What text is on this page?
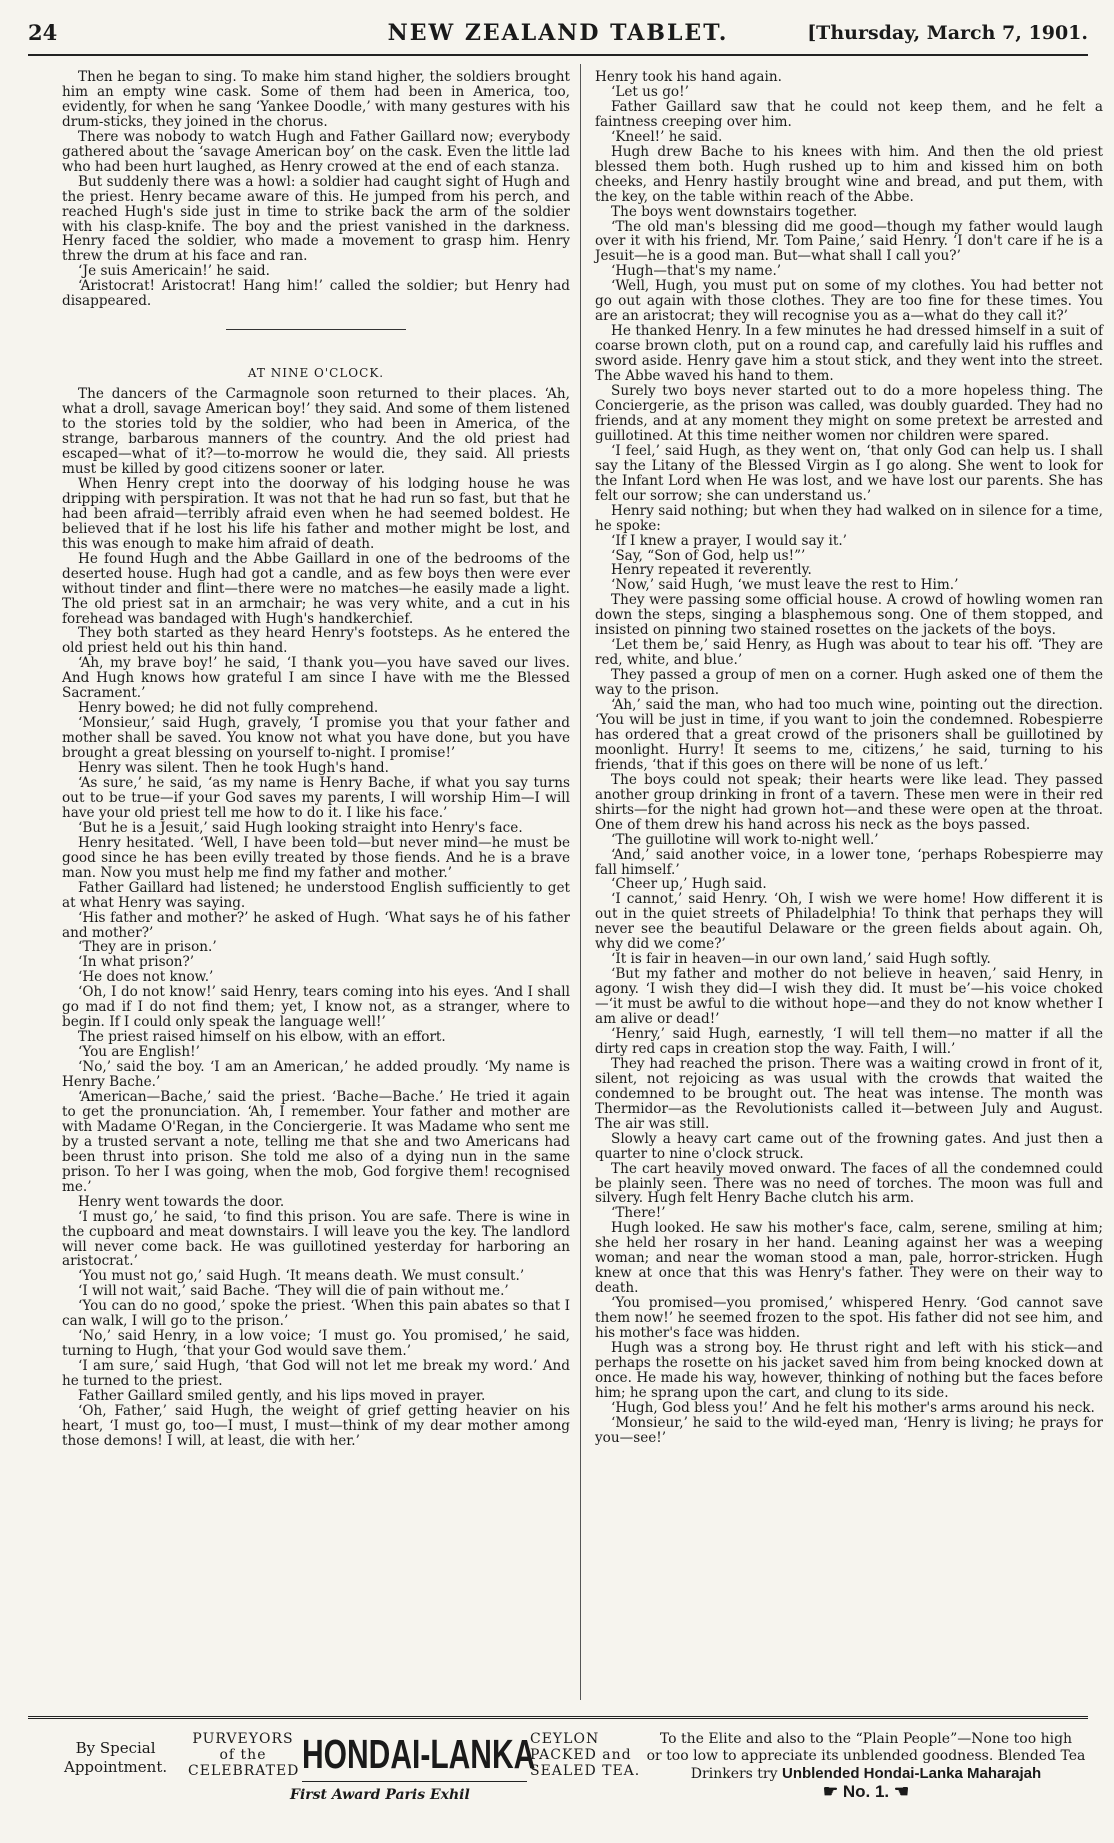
24	NEW ZEALAND TABLET.	[Thursday, March 7, 1901.

Then he began to sing. To make him stand higher, the soldiers brought him an empty wine cask. Some of them had been in America, too, evidently, for when he sang ‘Yankee Doodle,’ with many gestures with his drum-sticks, they joined in the chorus.

There was nobody to watch Hugh and Father Gaillard now; everybody gathered about the ‘savage American boy’ on the cask. Even the little lad who had been hurt laughed, as Henry crowed at the end of each stanza.

But suddenly there was a howl: a soldier had caught sight of Hugh and the priest. Henry became aware of this. He jumped from his perch, and reached Hugh's side just in time to strike back the arm of the soldier with his clasp-knife. The boy and the priest vanished in the darkness. Henry faced the soldier, who made a movement to grasp him. Henry threw the drum at his face and ran.

‘Je suis Americain!’ he said.

‘Aristocrat! Aristocrat! Hang him!’ called the soldier; but Henry had disappeared.

AT NINE O'CLOCK.

The dancers of the Carmagnole soon returned to their places. ‘Ah, what a droll, savage American boy!’ they said. And some of them listened to the stories told by the soldier, who had been in America, of the strange, barbarous manners of the country. And the old priest had escaped—what of it?—to-morrow he would die, they said. All priests must be killed by good citizens sooner or later.

When Henry crept into the doorway of his lodging house he was dripping with perspiration. It was not that he had run so fast, but that he had been afraid—terribly afraid even when he had seemed boldest. He believed that if he lost his life his father and mother might be lost, and this was enough to make him afraid of death.

He found Hugh and the Abbe Gaillard in one of the bedrooms of the deserted house. Hugh had got a candle, and as few boys then were ever without tinder and flint—there were no matches—he easily made a light. The old priest sat in an armchair; he was very white, and a cut in his forehead was bandaged with Hugh's handkerchief.

They both started as they heard Henry's footsteps. As he entered the old priest held out his thin hand.

‘Ah, my brave boy!’ he said, ‘I thank you—you have saved our lives. And Hugh knows how grateful I am since I have with me the Blessed Sacrament.’

Henry bowed; he did not fully comprehend.

‘Monsieur,’ said Hugh, gravely, ‘I promise you that your father and mother shall be saved. You know not what you have done, but you have brought a great blessing on yourself to-night. I promise!’

Henry was silent. Then he took Hugh's hand.

‘As sure,’ he said, ‘as my name is Henry Bache, if what you say turns out to be true—if your God saves my parents, I will worship Him—I will have your old priest tell me how to do it. I like his face.’

‘But he is a Jesuit,’ said Hugh looking straight into Henry's face.

Henry hesitated. ‘Well, I have been told—but never mind—he must be good since he has been evilly treated by those fiends. And he is a brave man. Now you must help me find my father and mother.’

Father Gaillard had listened; he understood English sufficiently to get at what Henry was saying.

‘His father and mother?’ he asked of Hugh. ‘What says he of his father and mother?’

‘They are in prison.’

‘In what prison?’

‘He does not know.’

‘Oh, I do not know!’ said Henry, tears coming into his eyes. ‘And I shall go mad if I do not find them; yet, I know not, as a stranger, where to begin. If I could only speak the language well!’

The priest raised himself on his elbow, with an effort.

‘You are English!’

‘No,’ said the boy. ‘I am an American,’ he added proudly. ‘My name is Henry Bache.’

‘American—Bache,’ said the priest. ‘Bache—Bache.’ He tried it again to get the pronunciation. ‘Ah, I remember. Your father and mother are with Madame O'Regan, in the Conciergerie. It was Madame who sent me by a trusted servant a note, telling me that she and two Americans had been thrust into prison. She told me also of a dying nun in the same prison. To her I was going, when the mob, God forgive them! recognised me.’

Henry went towards the door.

‘I must go,’ he said, ‘to find this prison. You are safe. There is wine in the cupboard and meat downstairs. I will leave you the key. The landlord will never come back. He was guillotined yesterday for harboring an aristocrat.’

‘You must not go,’ said Hugh. ‘It means death. We must consult.’

‘I will not wait,’ said Bache. ‘They will die of pain without me.’

‘You can do no good,’ spoke the priest. ‘When this pain abates so that I can walk, I will go to the prison.’

‘No,’ said Henry, in a low voice; ‘I must go. You promised,’ he said, turning to Hugh, ‘that your God would save them.’

‘I am sure,’ said Hugh, ‘that God will not let me break my word.’ And he turned to the priest.

Father Gaillard smiled gently, and his lips moved in prayer.

‘Oh, Father,’ said Hugh, the weight of grief getting heavier on his heart, ‘I must go, too—I must, I must—think of my dear mother among those demons! I will, at least, die with her.’

Henry took his hand again.

‘Let us go!’

Father Gaillard saw that he could not keep them, and he felt a faintness creeping over him.

‘Kneel!’ he said.

Hugh drew Bache to his knees with him. And then the old priest blessed them both. Hugh rushed up to him and kissed him on both cheeks, and Henry hastily brought wine and bread, and put them, with the key, on the table within reach of the Abbe.

The boys went downstairs together.

‘The old man's blessing did me good—though my father would laugh over it with his friend, Mr. Tom Paine,’ said Henry. ‘I don't care if he is a Jesuit—he is a good man. But—what shall I call you?’

‘Hugh—that's my name.’

‘Well, Hugh, you must put on some of my clothes. You had better not go out again with those clothes. They are too fine for these times. You are an aristocrat; they will recognise you as a—what do they call it?’

He thanked Henry. In a few minutes he had dressed himself in a suit of coarse brown cloth, put on a round cap, and carefully laid his ruffles and sword aside. Henry gave him a stout stick, and they went into the street. The Abbe waved his hand to them.

Surely two boys never started out to do a more hopeless thing. The Conciergerie, as the prison was called, was doubly guarded. They had no friends, and at any moment they might on some pretext be arrested and guillotined. At this time neither women nor children were spared.

‘I feel,’ said Hugh, as they went on, ‘that only God can help us. I shall say the Litany of the Blessed Virgin as I go along. She went to look for the Infant Lord when He was lost, and we have lost our parents. She has felt our sorrow; she can understand us.’

Henry said nothing; but when they had walked on in silence for a time, he spoke:

‘If I knew a prayer, I would say it.’

‘Say, “Son of God, help us!”’

Henry repeated it reverently.

‘Now,’ said Hugh, ‘we must leave the rest to Him.’

They were passing some official house. A crowd of howling women ran down the steps, singing a blasphemous song. One of them stopped, and insisted on pinning two stained rosettes on the jackets of the boys.

‘Let them be,’ said Henry, as Hugh was about to tear his off. ‘They are red, white, and blue.’

They passed a group of men on a corner. Hugh asked one of them the way to the prison.

‘Ah,’ said the man, who had too much wine, pointing out the direction. ‘You will be just in time, if you want to join the condemned. Robespierre has ordered that a great crowd of the prisoners shall be guillotined by moonlight. Hurry! It seems to me, citizens,’ he said, turning to his friends, ‘that if this goes on there will be none of us left.’

The boys could not speak; their hearts were like lead. They passed another group drinking in front of a tavern. These men were in their red shirts—for the night had grown hot—and these were open at the throat. One of them drew his hand across his neck as the boys passed.

‘The guillotine will work to-night well.’

‘And,’ said another voice, in a lower tone, ‘perhaps Robespierre may fall himself.’

‘Cheer up,’ Hugh said.

‘I cannot,’ said Henry. ‘Oh, I wish we were home! How different it is out in the quiet streets of Philadelphia! To think that perhaps they will never see the beautiful Delaware or the green fields about again. Oh, why did we come?’

‘It is fair in heaven—in our own land,’ said Hugh softly.

‘But my father and mother do not believe in heaven,’ said Henry, in agony. ‘I wish they did—I wish they did. It must be’—his voice choked—‘it must be awful to die without hope—and they do not know whether I am alive or dead!’

‘Henry,’ said Hugh, earnestly, ‘I will tell them—no matter if all the dirty red caps in creation stop the way. Faith, I will.’

They had reached the prison. There was a waiting crowd in front of it, silent, not rejoicing as was usual with the crowds that waited the condemned to be brought out. The heat was intense. The month was Thermidor—as the Revolutionists called it—between July and August. The air was still.

Slowly a heavy cart came out of the frowning gates. And just then a quarter to nine o'clock struck.

The cart heavily moved onward. The faces of all the condemned could be plainly seen. There was no need of torches. The moon was full and silvery. Hugh felt Henry Bache clutch his arm.

‘There!’

Hugh looked. He saw his mother's face, calm, serene, smiling at him; she held her rosary in her hand. Leaning against her was a weeping woman; and near the woman stood a man, pale, horror-stricken. Hugh knew at once that this was Henry's father. They were on their way to death.

‘You promised—you promised,’ whispered Henry. ‘God cannot save them now!’ he seemed frozen to the spot. His father did not see him, and his mother's face was hidden.

Hugh was a strong boy. He thrust right and left with his stick—and perhaps the rosette on his jacket saved him from being knocked down at once. He made his way, however, thinking of nothing but the faces before him; he sprang upon the cart, and clung to its side.

‘Hugh, God bless you!’ And he felt his mother's arms around his neck.

‘Monsieur,’ he said to the wild-eyed man, ‘Henry is living; he prays for you—see!’

By Special
Appointment.
PURVEYORS
of the
CELEBRATED HONDAI-LANKA
CEYLON
PACKED and
SEALED TEA.
First Award Paris Exhil
To the Elite and also to the “Plain People”—None too high
or too low to appreciate its unblended goodness. Blended Tea
Drinkers try Unblended Hondai-Lanka Maharajah
☛ No. 1. ☚
